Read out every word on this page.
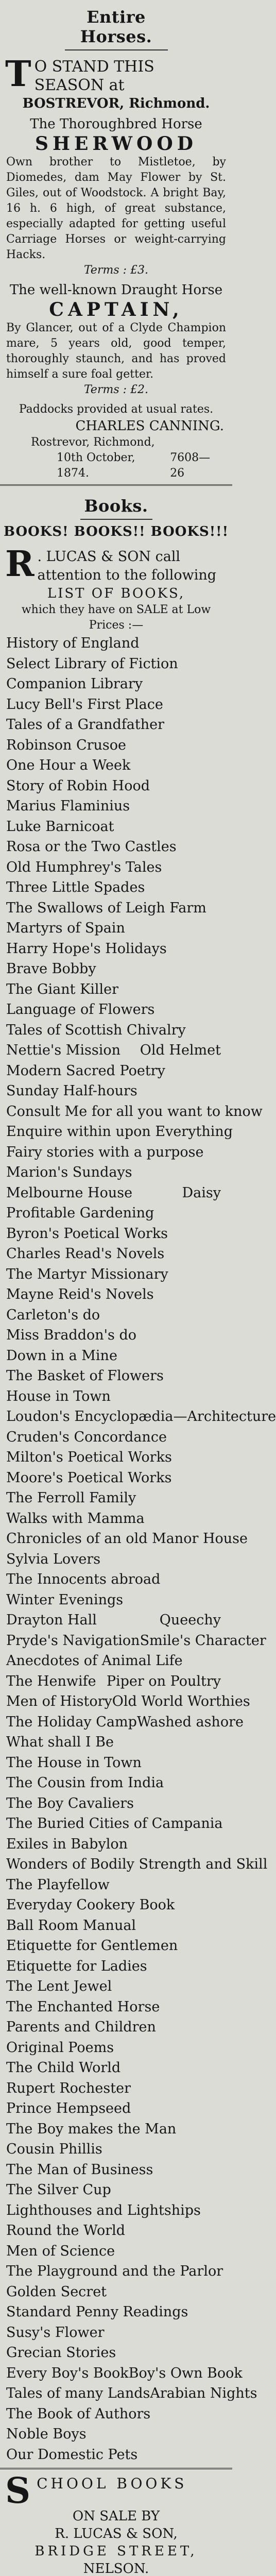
Entire Horses.
T O STAND THIS SEASON at
BOSTREVOR, Richmond.
The Thoroughbred Horse
SHERWOOD
Own brother to Mistletoe, by Diomedes, dam May Flower by St. Giles, out of Woodstock. A bright Bay, 16 h. 6 high, of great substance, especially adapted for getting useful Carriage Horses or weight-carrying Hacks.
Terms : £3.
The well-known Draught Horse
CAPTAIN,
By Glancer, out of a Clyde Champion mare, 5 years old, good temper, thoroughly staunch, and has proved himself a sure foal getter.
Terms : £2.
Paddocks provided at usual rates.
CHARLES CANNING.
Rostrevor, Richmond,
10th October, 1874.
7608—26
Books.
BOOKS! BOOKS!! BOOKS!!!
R . LUCAS & SON call attention to the following
LIST OF BOOKS,
which they have on SALE at Low Prices :—
History of England
Select Library of Fiction
Companion Library
Lucy Bell's First Place
Tales of a Grandfather
Robinson Crusoe
One Hour a Week
Story of Robin Hood
Marius Flaminius
Luke Barnicoat
Rosa or the Two Castles
Old Humphrey's Tales
Three Little Spades
The Swallows of Leigh Farm
Martyrs of Spain
Harry Hope's Holidays
Brave Bobby
The Giant Killer
Language of Flowers
Tales of Scottish Chivalry
Nettie's Mission Old Helmet
Modern Sacred Poetry
Sunday Half-hours
Consult Me for all you want to know
Enquire within upon Everything
Fairy stories with a purpose
Marion's Sundays
Melbourne House	Daisy
Profitable Gardening
Byron's Poetical Works
Charles Read's Novels
The Martyr Missionary
Mayne Reid's Novels
Carleton's do
Miss Braddon's do
Down in a Mine
The Basket of Flowers
House in Town
Loudon's Encyclopædia—Architecture
Cruden's Concordance
Milton's Poetical Works
Moore's Poetical Works
The Ferroll Family
Walks with Mamma
Chronicles of an old Manor House
Sylvia Lovers
The Innocents abroad
Winter Evenings
Drayton Hall	Queechy
Pryde's Navigation Smile's Character
Anecdotes of Animal Life
The Henwife Piper on Poultry
Men of History Old World Worthies
The Holiday Camp Washed ashore
What shall I Be
The House in Town
The Cousin from India
The Boy Cavaliers
The Buried Cities of Campania
Exiles in Babylon
Wonders of Bodily Strength and Skill
The Playfellow
Everyday Cookery Book
Ball Room Manual
Etiquette for Gentlemen
Etiquette for Ladies
The Lent Jewel
The Enchanted Horse
Parents and Children
Original Poems
The Child World
Rupert Rochester
Prince Hempseed
The Boy makes the Man
Cousin Phillis
The Man of Business
The Silver Cup
Lighthouses and Lightships
Round the World
Men of Science
The Playground and the Parlor
Golden Secret
Standard Penny Readings
Susy's Flower
Grecian Stories
Every Boy's Book Boy's Own Book
Tales of many Lands Arabian Nights
The Book of Authors
Noble Boys
Our Domestic Pets
S CHOOL BOOKS
ON SALE BY
R. LUCAS & SON,
BRIDGE STREET,
NELSON.
